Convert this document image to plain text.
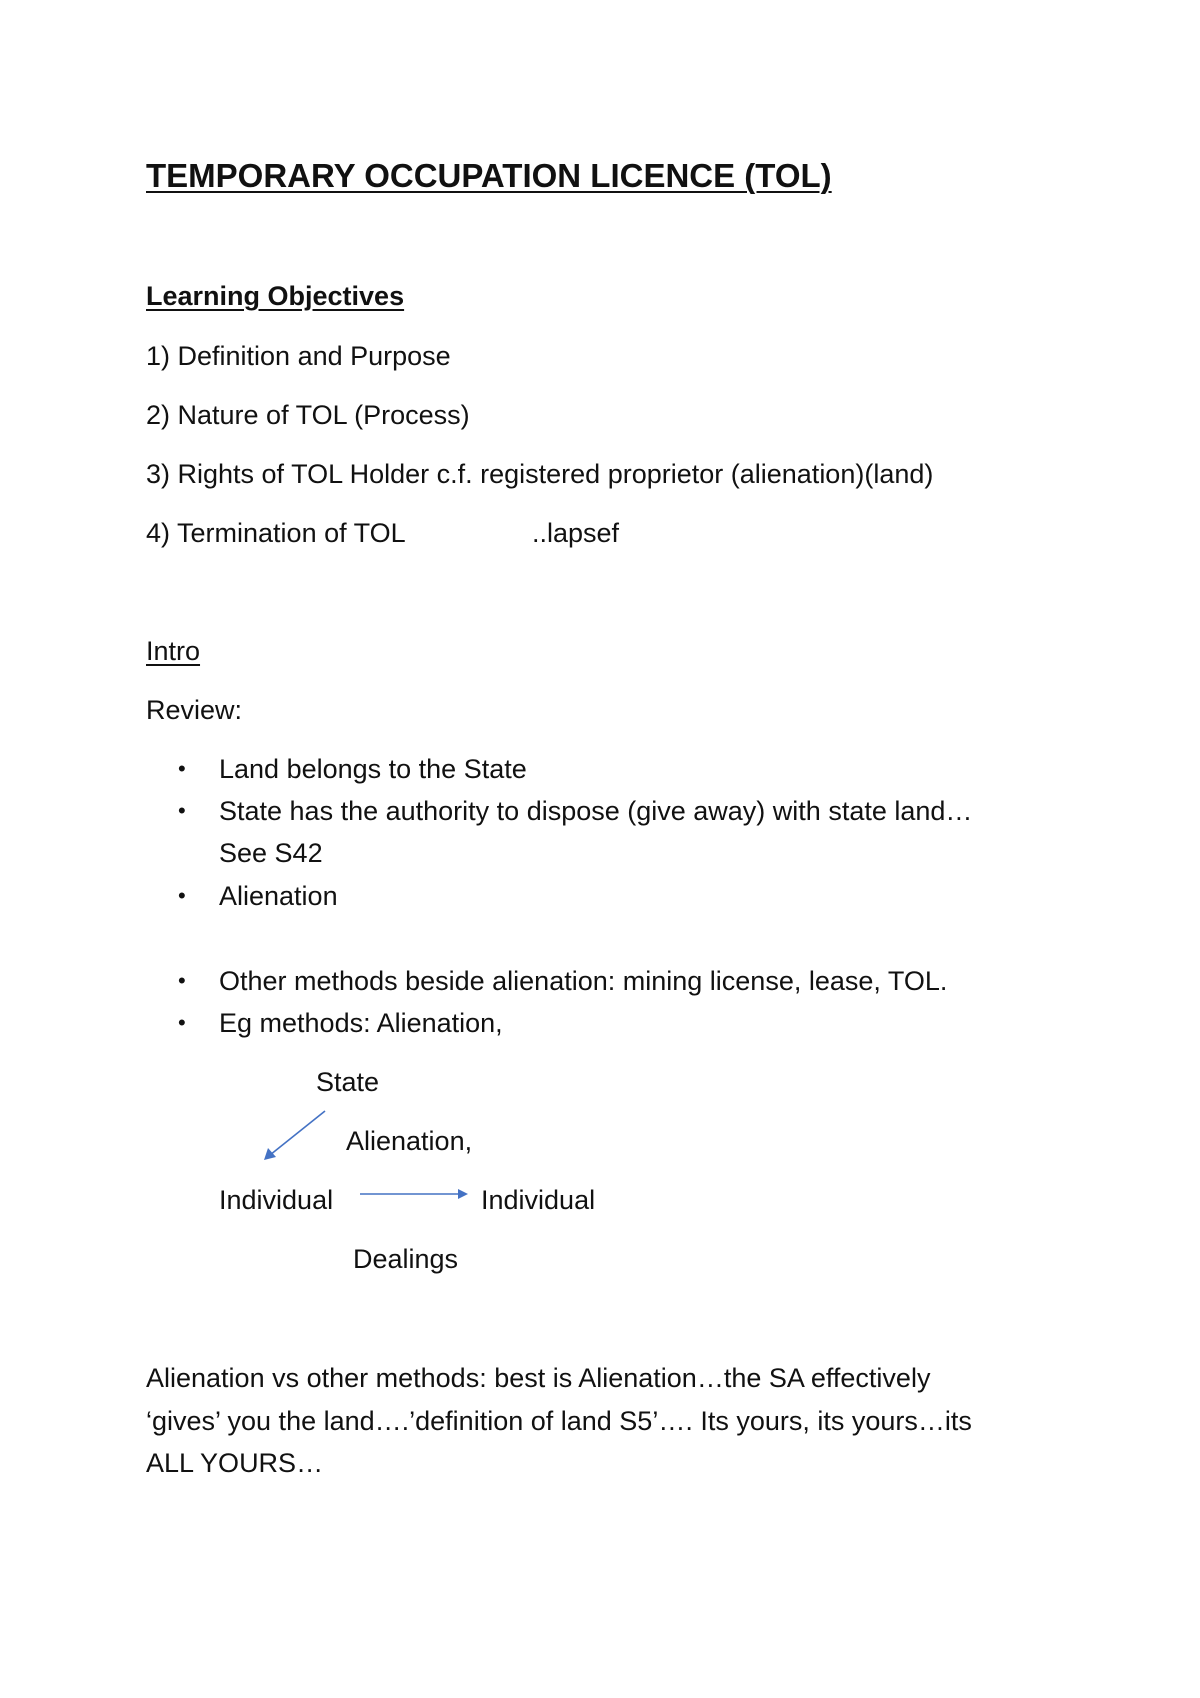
TEMPORARY OCCUPATION LICENCE (TOL)
Learning Objectives
1) Definition and Purpose
2) Nature of TOL (Process)
3) Rights of TOL Holder c.f. registered proprietor (alienation)(land)
4) Termination of TOL	..lapsef
Intro
Review:
•	Land belongs to the State
•	State has the authority to dispose (give away) with state land…
See S42
•	Alienation
•	Other methods beside alienation: mining license, lease, TOL.
•	Eg methods: Alienation,
State
Alienation,
Individual	Individual
Dealings
Alienation vs other methods: best is Alienation…the SA effectively
‘gives’ you the land….’definition of land S5’…. Its yours, its yours…its
ALL YOURS…
